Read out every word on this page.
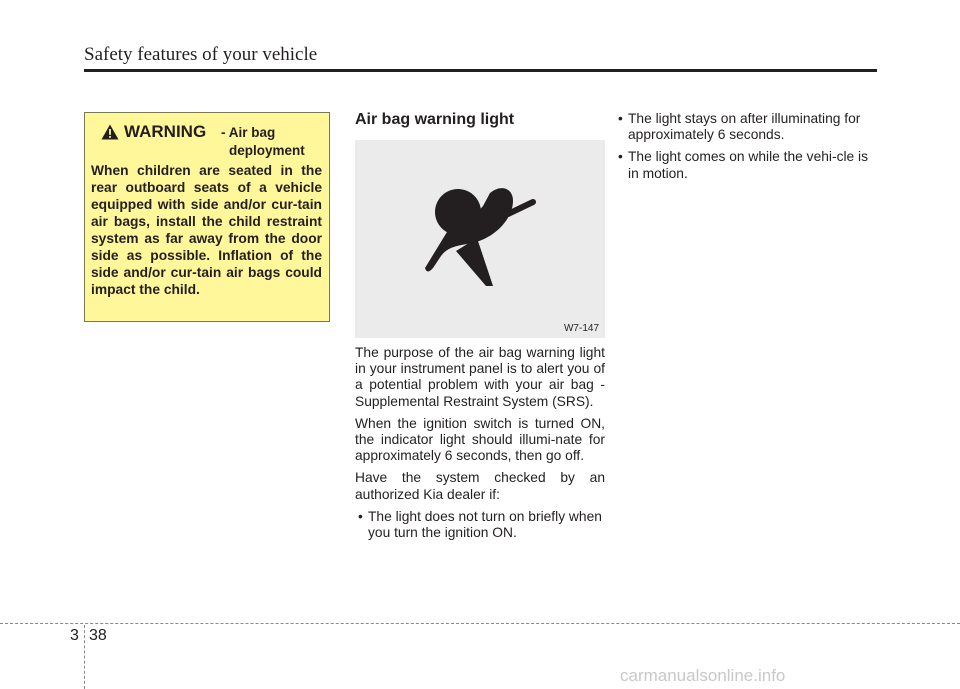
Safety features of your vehicle
WARNING - Air bag
deployment

When children are seated in the rear outboard seats of a vehicle equipped with side and/or cur-tain air bags, install the child restraint system as far away from the door side as possible. Inflation of the side and/or cur-tain air bags could impact the child.

Air bag warning light
W7-147

The purpose of the air bag warning light in your instrument panel is to alert you of a potential problem with your air bag - Supplemental Restraint System (SRS).

When the ignition switch is turned ON, the indicator light should illumi-nate for approximately 6 seconds, then go off.

Have the system checked by an authorized Kia dealer if:

• The light does not turn on briefly when you turn the ignition ON.
• The light stays on after illuminating for approximately 6 seconds.
• The light comes on while the vehi-cle is in motion.
3 38
carmanualsonline.info
